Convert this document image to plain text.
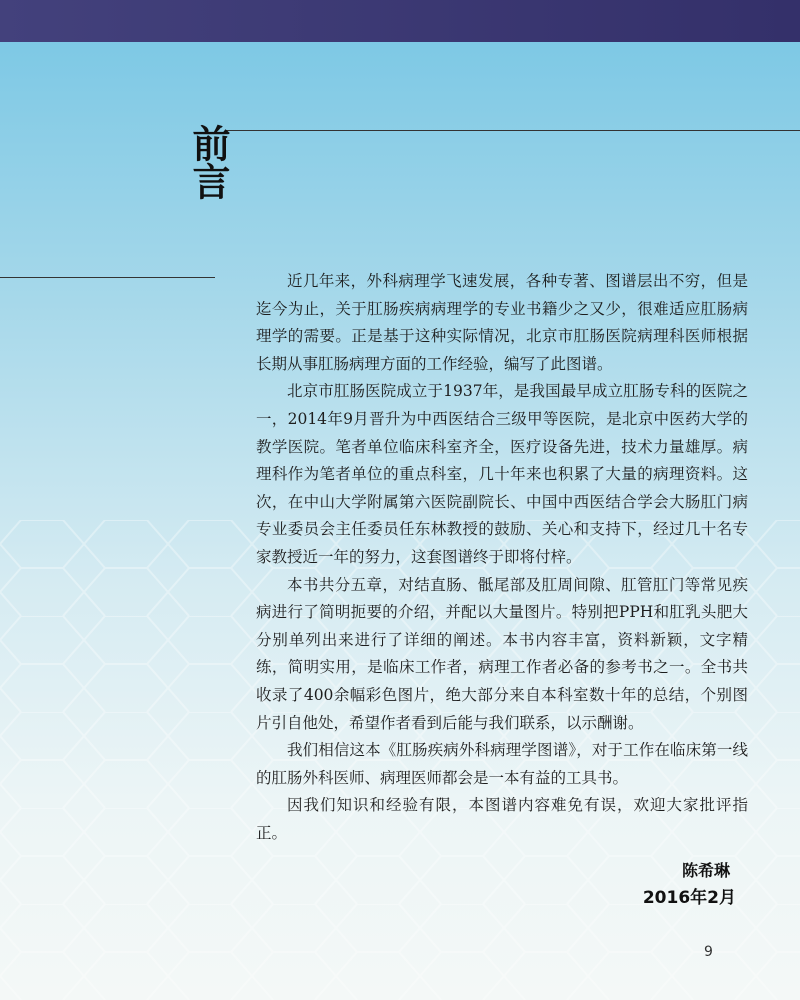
前言

近几年来，外科病理学飞速发展，各种专著、图谱层出不穷，但是迄今为止，关于肛肠疾病病理学的专业书籍少之又少，很难适应肛肠病理学的需要。正是基于这种实际情况，北京市肛肠医院病理科医师根据长期从事肛肠病理方面的工作经验，编写了此图谱。

北京市肛肠医院成立于1937年，是我国最早成立肛肠专科的医院之一，2014年9月晋升为中西医结合三级甲等医院，是北京中医药大学的教学医院。笔者单位临床科室齐全，医疗设备先进，技术力量雄厚。病理科作为笔者单位的重点科室，几十年来也积累了大量的病理资料。这次，在中山大学附属第六医院副院长、中国中西医结合学会大肠肛门病专业委员会主任委员任东林教授的鼓励、关心和支持下，经过几十名专家教授近一年的努力，这套图谱终于即将付梓。

本书共分五章，对结直肠、骶尾部及肛周间隙、肛管肛门等常见疾病进行了简明扼要的介绍，并配以大量图片。特别把PPH和肛乳头肥大分别单列出来进行了详细的阐述。本书内容丰富，资料新颖，文字精练，简明实用，是临床工作者，病理工作者必备的参考书之一。全书共收录了400余幅彩色图片，绝大部分来自本科室数十年的总结，个别图片引自他处，希望作者看到后能与我们联系，以示酬谢。

我们相信这本《肛肠疾病外科病理学图谱》，对于工作在临床第一线的肛肠外科医师、病理医师都会是一本有益的工具书。

因我们知识和经验有限，本图谱内容难免有误，欢迎大家批评指正。

陈希琳
2016年2月
9
